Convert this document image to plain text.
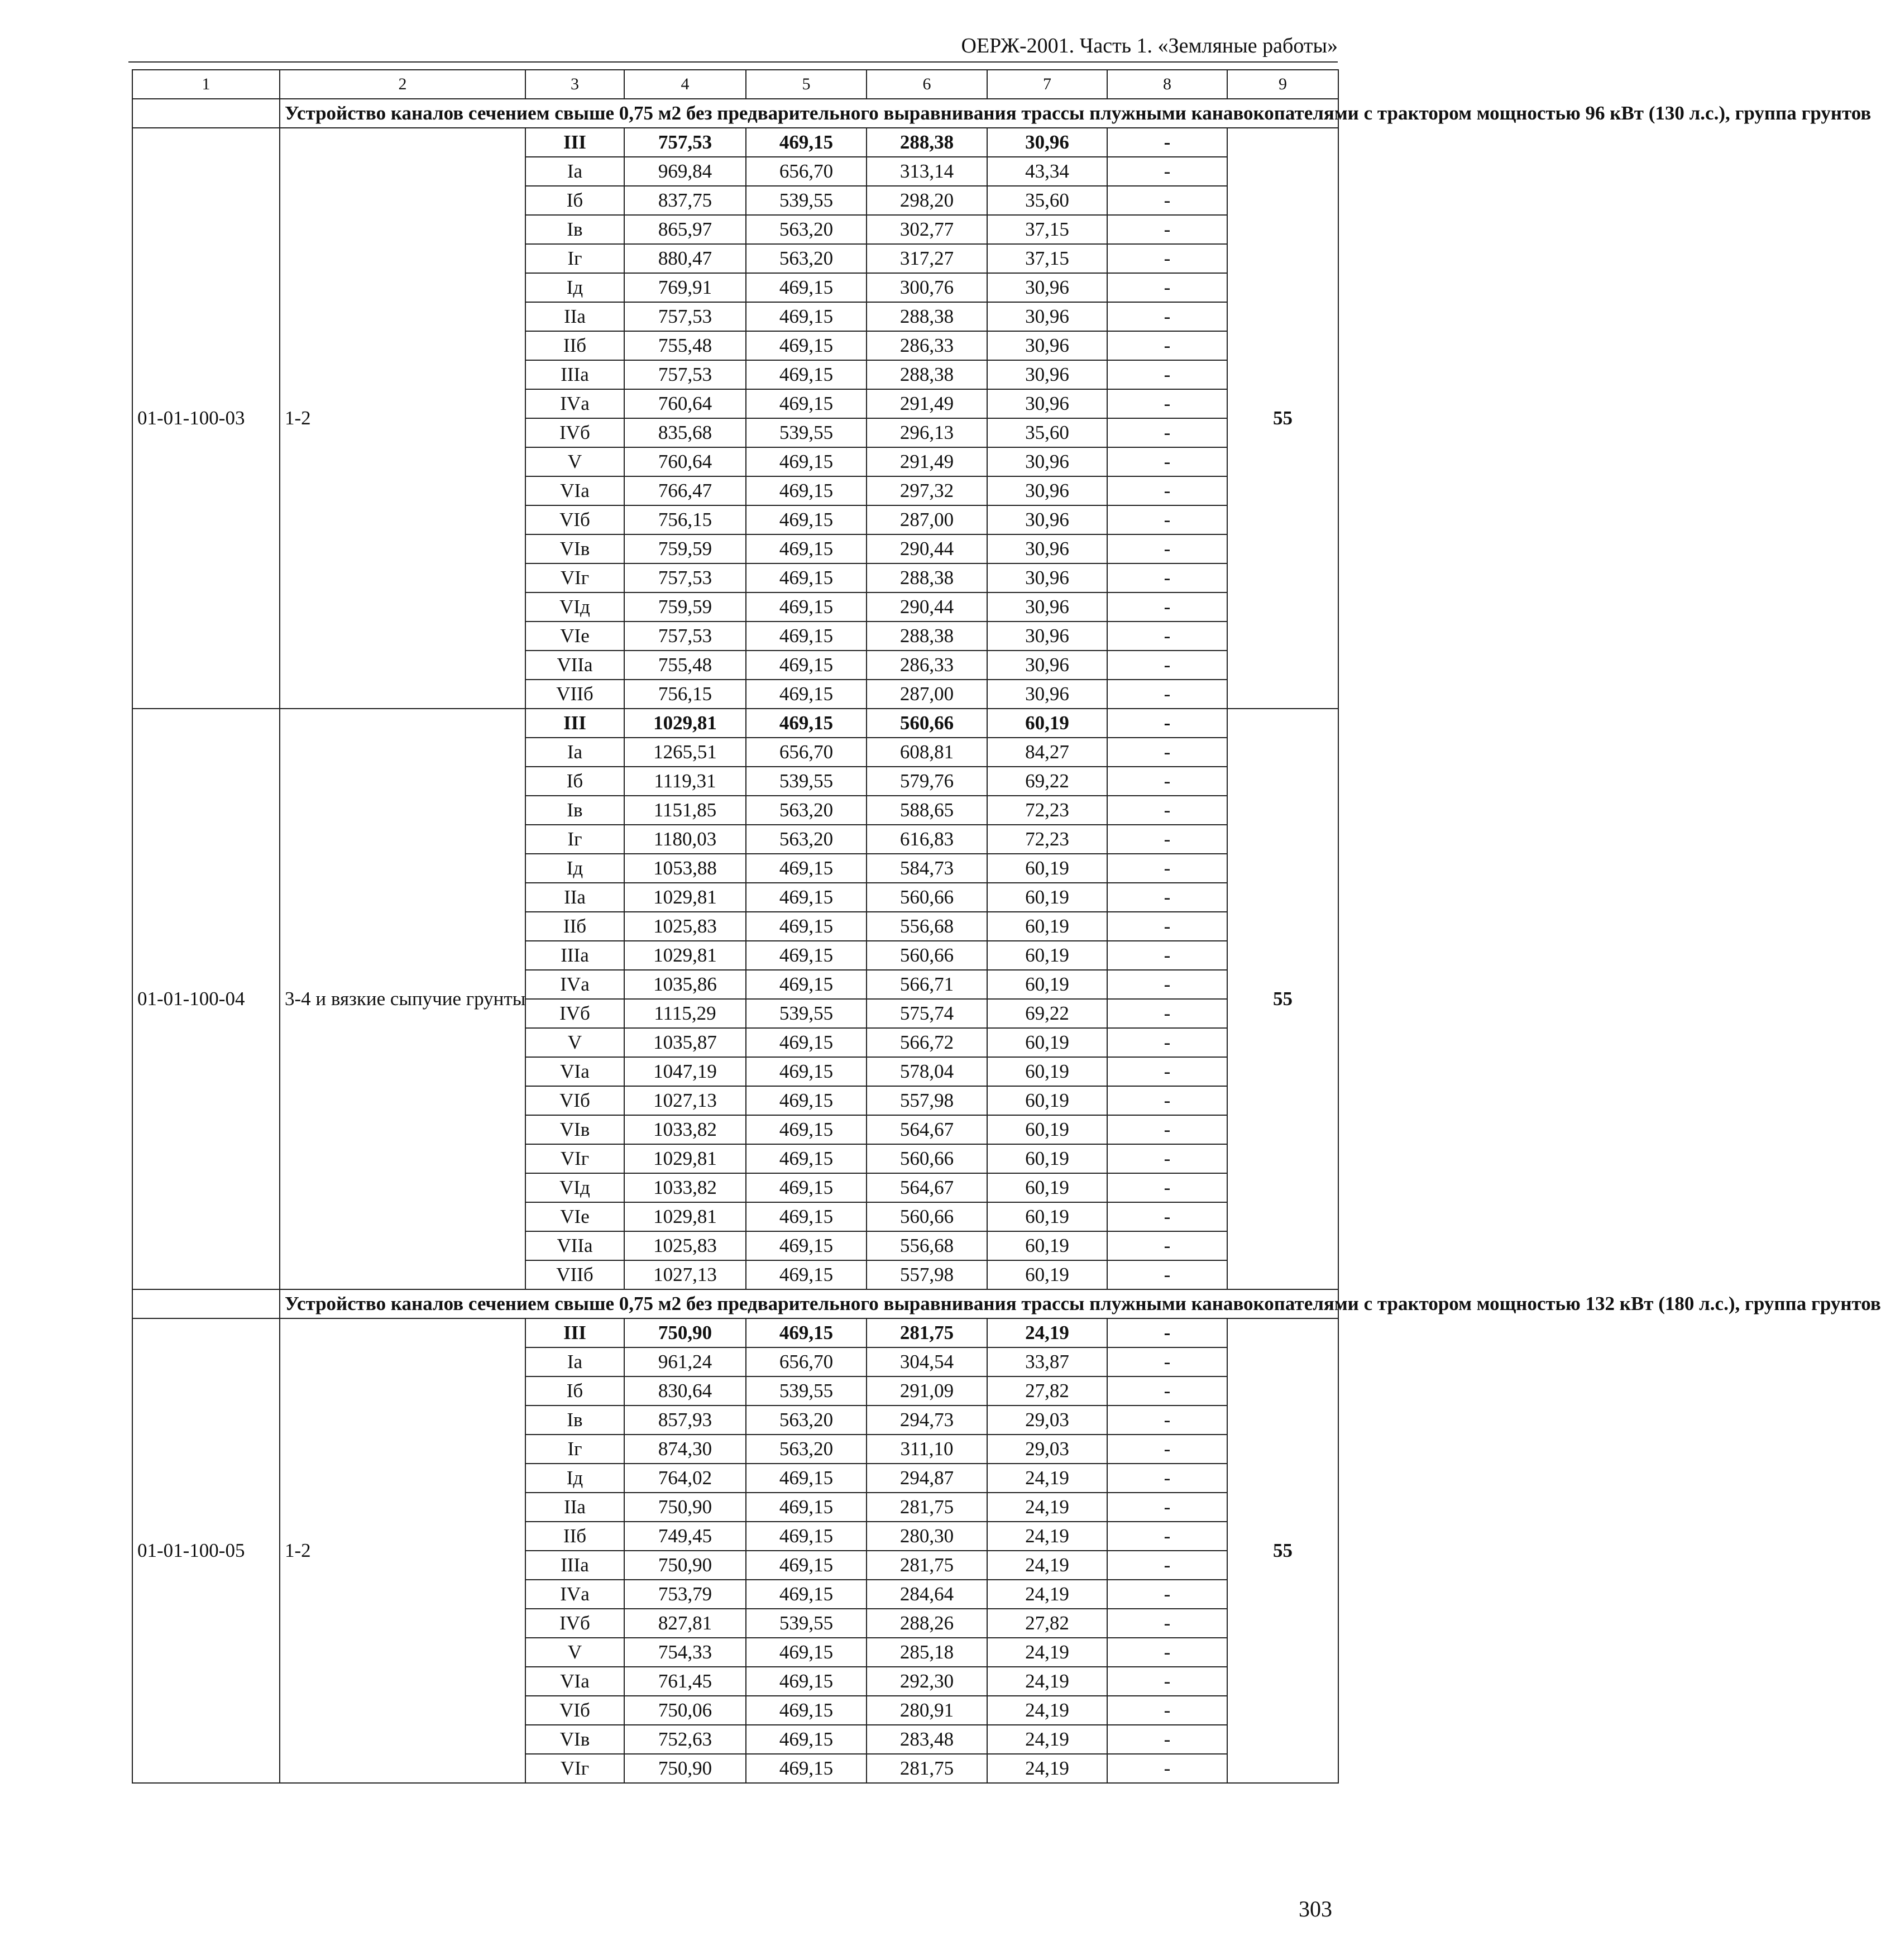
ОЕРЖ-2001. Часть 1. «Земляные работы»
1	2	3	4	5	6	7	8	9
	Устройство каналов сечением свыше 0,75 м2 без предварительного выравнивания трассы плужными канавокопателями с трактором мощностью 96 кВт (130 л.с.), группа грунтов							
01-01-100-03	1-2	III	757,53	469,15	288,38	30,96	-	55
		Iа	969,84	656,70	313,14	43,34	-	
		Iб	837,75	539,55	298,20	35,60	-	
		Iв	865,97	563,20	302,77	37,15	-	
		Iг	880,47	563,20	317,27	37,15	-	
		Iд	769,91	469,15	300,76	30,96	-	
		IIа	757,53	469,15	288,38	30,96	-	
		IIб	755,48	469,15	286,33	30,96	-	
		IIIа	757,53	469,15	288,38	30,96	-	
		IVа	760,64	469,15	291,49	30,96	-	
		IVб	835,68	539,55	296,13	35,60	-	
		V	760,64	469,15	291,49	30,96	-	
		VIа	766,47	469,15	297,32	30,96	-	
		VIб	756,15	469,15	287,00	30,96	-	
		VIв	759,59	469,15	290,44	30,96	-	
		VIг	757,53	469,15	288,38	30,96	-	
		VIд	759,59	469,15	290,44	30,96	-	
		VIе	757,53	469,15	288,38	30,96	-	
		VIIа	755,48	469,15	286,33	30,96	-	
		VIIб	756,15	469,15	287,00	30,96	-	
01-01-100-04	3-4 и вязкие сыпучие грунты	III	1029,81	469,15	560,66	60,19	-	55
		Iа	1265,51	656,70	608,81	84,27	-	
		Iб	1119,31	539,55	579,76	69,22	-	
		Iв	1151,85	563,20	588,65	72,23	-	
		Iг	1180,03	563,20	616,83	72,23	-	
		Iд	1053,88	469,15	584,73	60,19	-	
		IIа	1029,81	469,15	560,66	60,19	-	
		IIб	1025,83	469,15	556,68	60,19	-	
		IIIа	1029,81	469,15	560,66	60,19	-	
		IVа	1035,86	469,15	566,71	60,19	-	
		IVб	1115,29	539,55	575,74	69,22	-	
		V	1035,87	469,15	566,72	60,19	-	
		VIа	1047,19	469,15	578,04	60,19	-	
		VIб	1027,13	469,15	557,98	60,19	-	
		VIв	1033,82	469,15	564,67	60,19	-	
		VIг	1029,81	469,15	560,66	60,19	-	
		VIд	1033,82	469,15	564,67	60,19	-	
		VIе	1029,81	469,15	560,66	60,19	-	
		VIIа	1025,83	469,15	556,68	60,19	-	
		VIIб	1027,13	469,15	557,98	60,19	-	
	Устройство каналов сечением свыше 0,75 м2 без предварительного выравнивания трассы плужными канавокопателями с трактором мощностью 132 кВт (180 л.с.), группа грунтов							
01-01-100-05	1-2	III	750,90	469,15	281,75	24,19	-	55
		Iа	961,24	656,70	304,54	33,87	-	
		Iб	830,64	539,55	291,09	27,82	-	
		Iв	857,93	563,20	294,73	29,03	-	
		Iг	874,30	563,20	311,10	29,03	-	
		Iд	764,02	469,15	294,87	24,19	-	
		IIа	750,90	469,15	281,75	24,19	-	
		IIб	749,45	469,15	280,30	24,19	-	
		IIIа	750,90	469,15	281,75	24,19	-	
		IVа	753,79	469,15	284,64	24,19	-	
		IVб	827,81	539,55	288,26	27,82	-	
		V	754,33	469,15	285,18	24,19	-	
		VIа	761,45	469,15	292,30	24,19	-	
		VIб	750,06	469,15	280,91	24,19	-	
		VIв	752,63	469,15	283,48	24,19	-	
		VIг	750,90	469,15	281,75	24,19	-	
303
